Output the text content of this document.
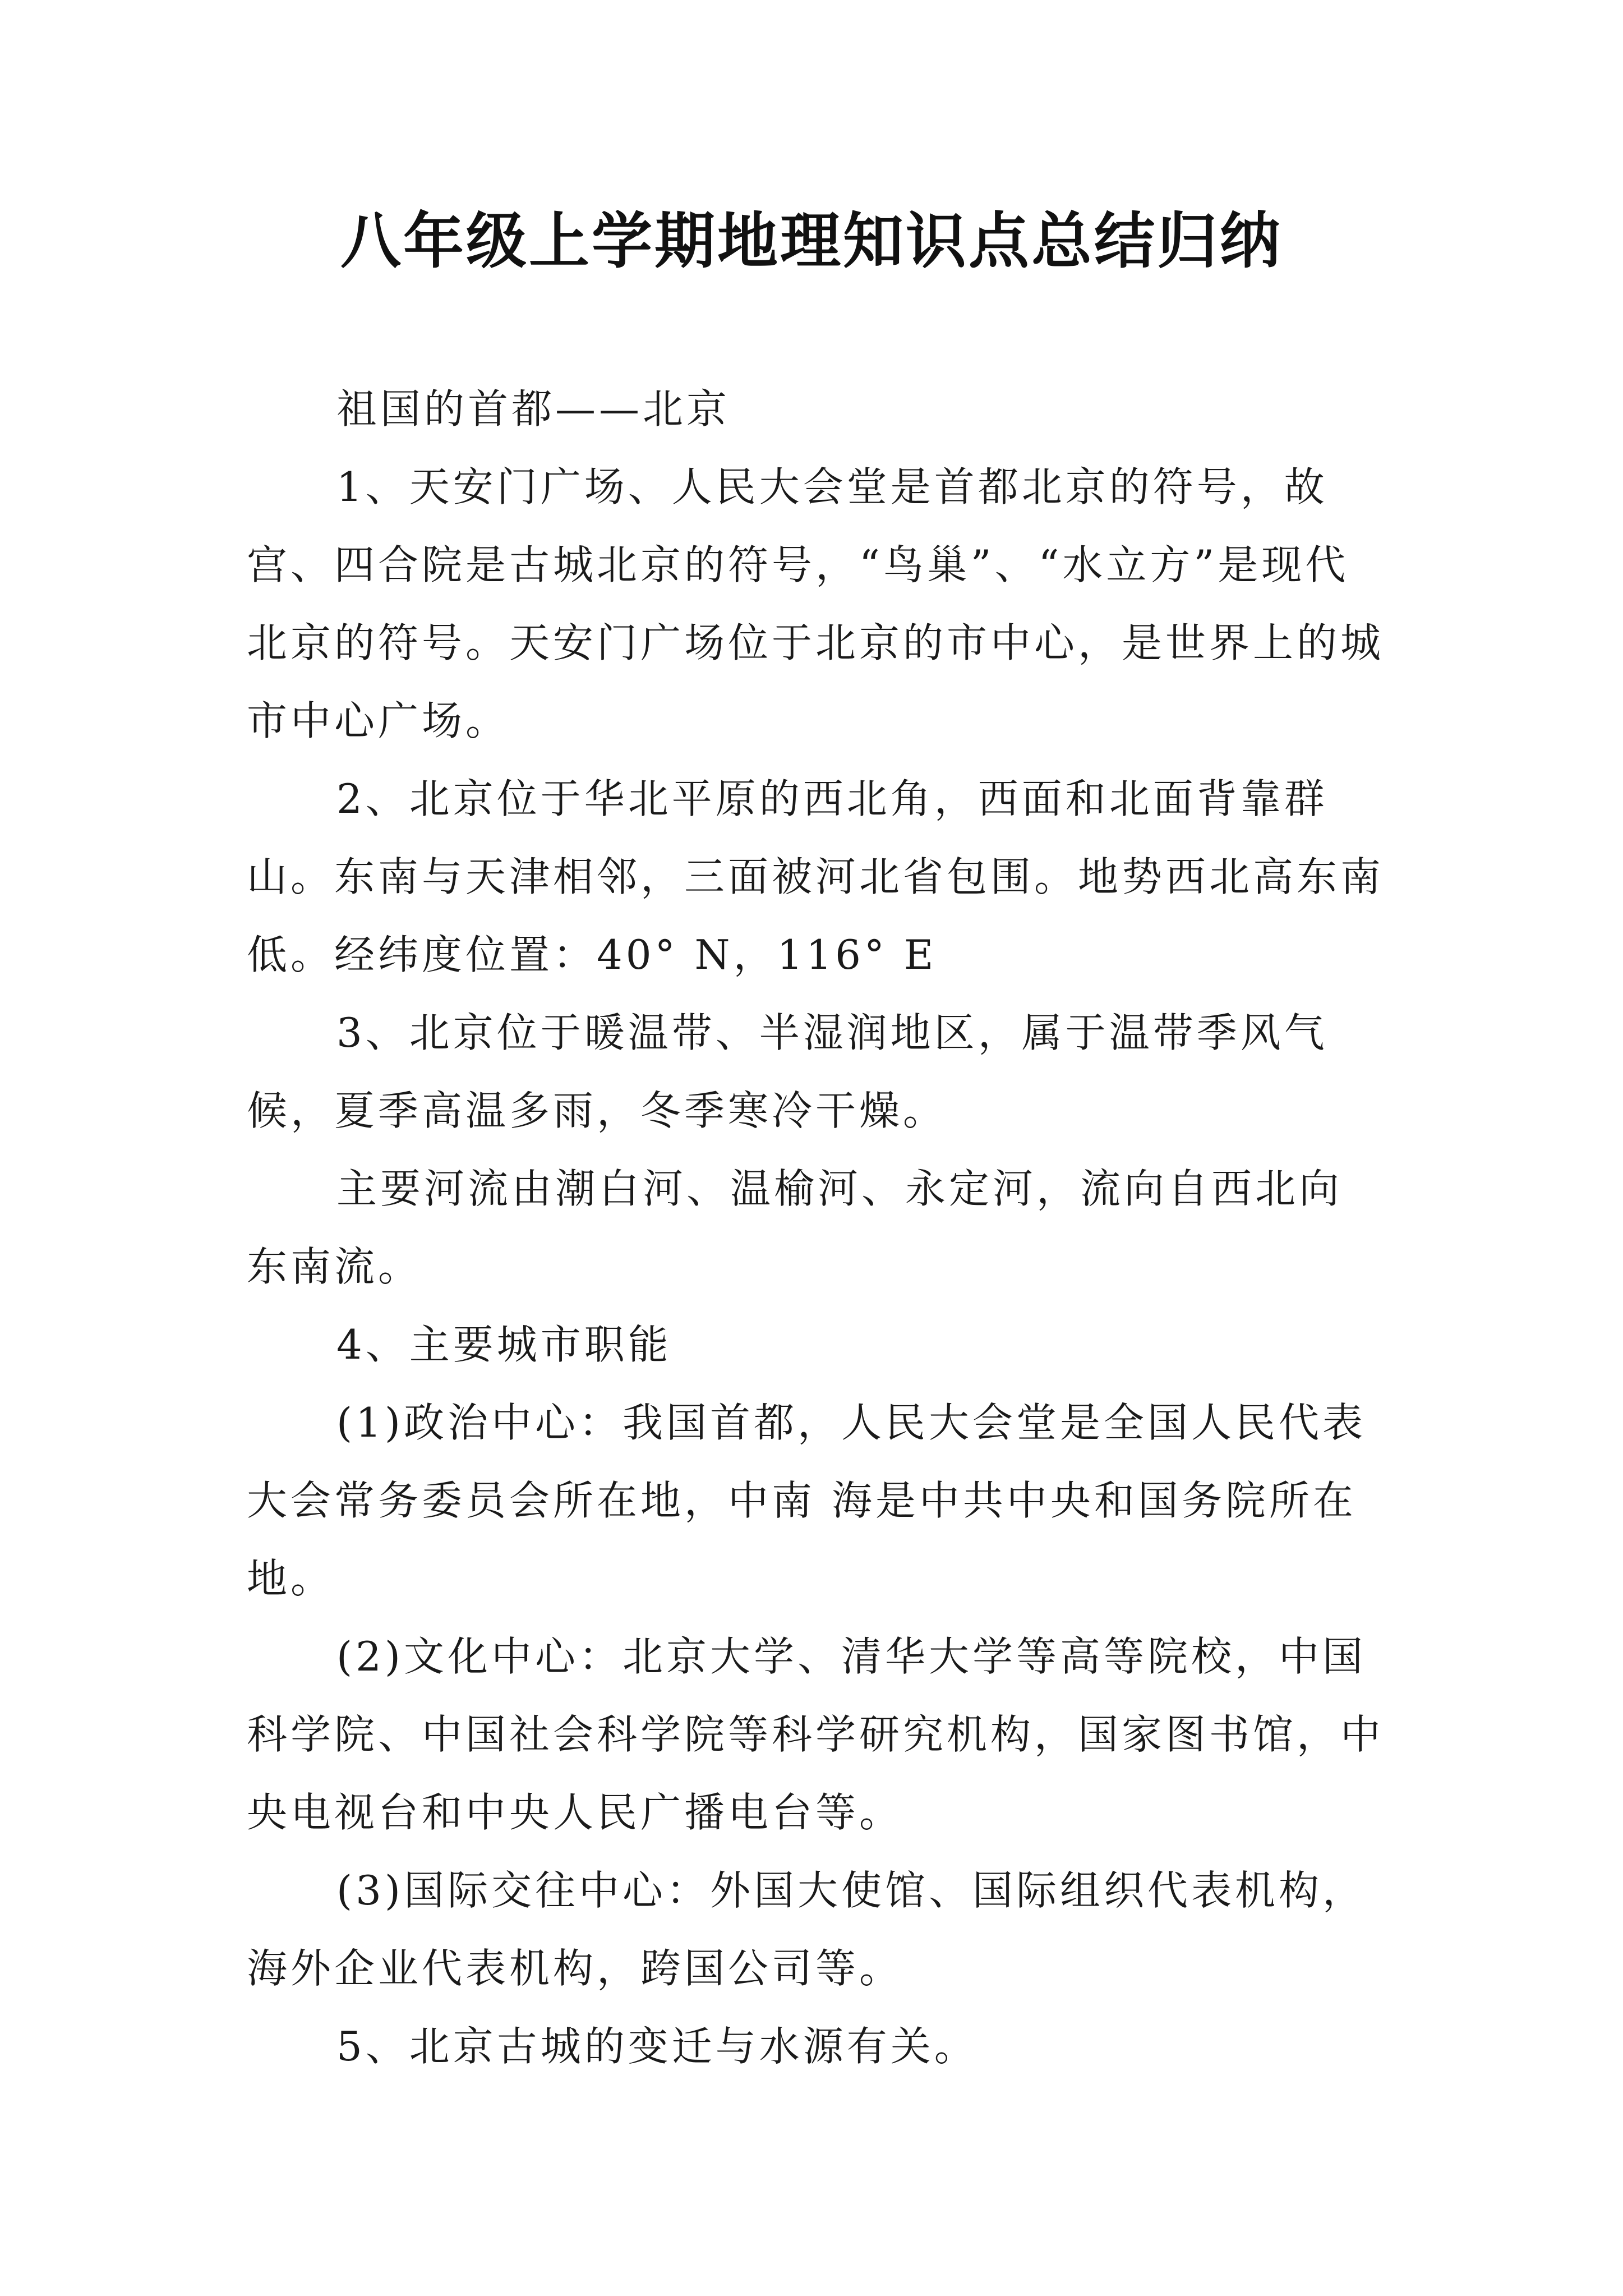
八年级上学期地理知识点总结归纳

祖国的首都——北京

1、天安门广场、人民大会堂是首都北京的符号，故宫、四合院是古城北京的符号，“鸟巢”、“水立方”是现代北京的符号。天安门广场位于北京的市中心，是世界上的城市中心广场。

2、北京位于华北平原的西北角，西面和北面背靠群山。东南与天津相邻，三面被河北省包围。地势西北高东南低。经纬度位置：40° N，116° E

3、北京位于暖温带、半湿润地区，属于温带季风气候，夏季高温多雨，冬季寒冷干燥。

主要河流由潮白河、温榆河、永定河，流向自西北向东南流。

4、主要城市职能

(1)政治中心：我国首都，人民大会堂是全国人民代表大会常务委员会所在地，中南 海是中共中央和国务院所在地。

(2)文化中心：北京大学、清华大学等高等院校，中国科学院、中国社会科学院等科学研究机构，国家图书馆，中央电视台和中央人民广播电台等。

(3)国际交往中心：外国大使馆、国际组织代表机构，海外企业代表机构，跨国公司等。

5、北京古城的变迁与水源有关。
